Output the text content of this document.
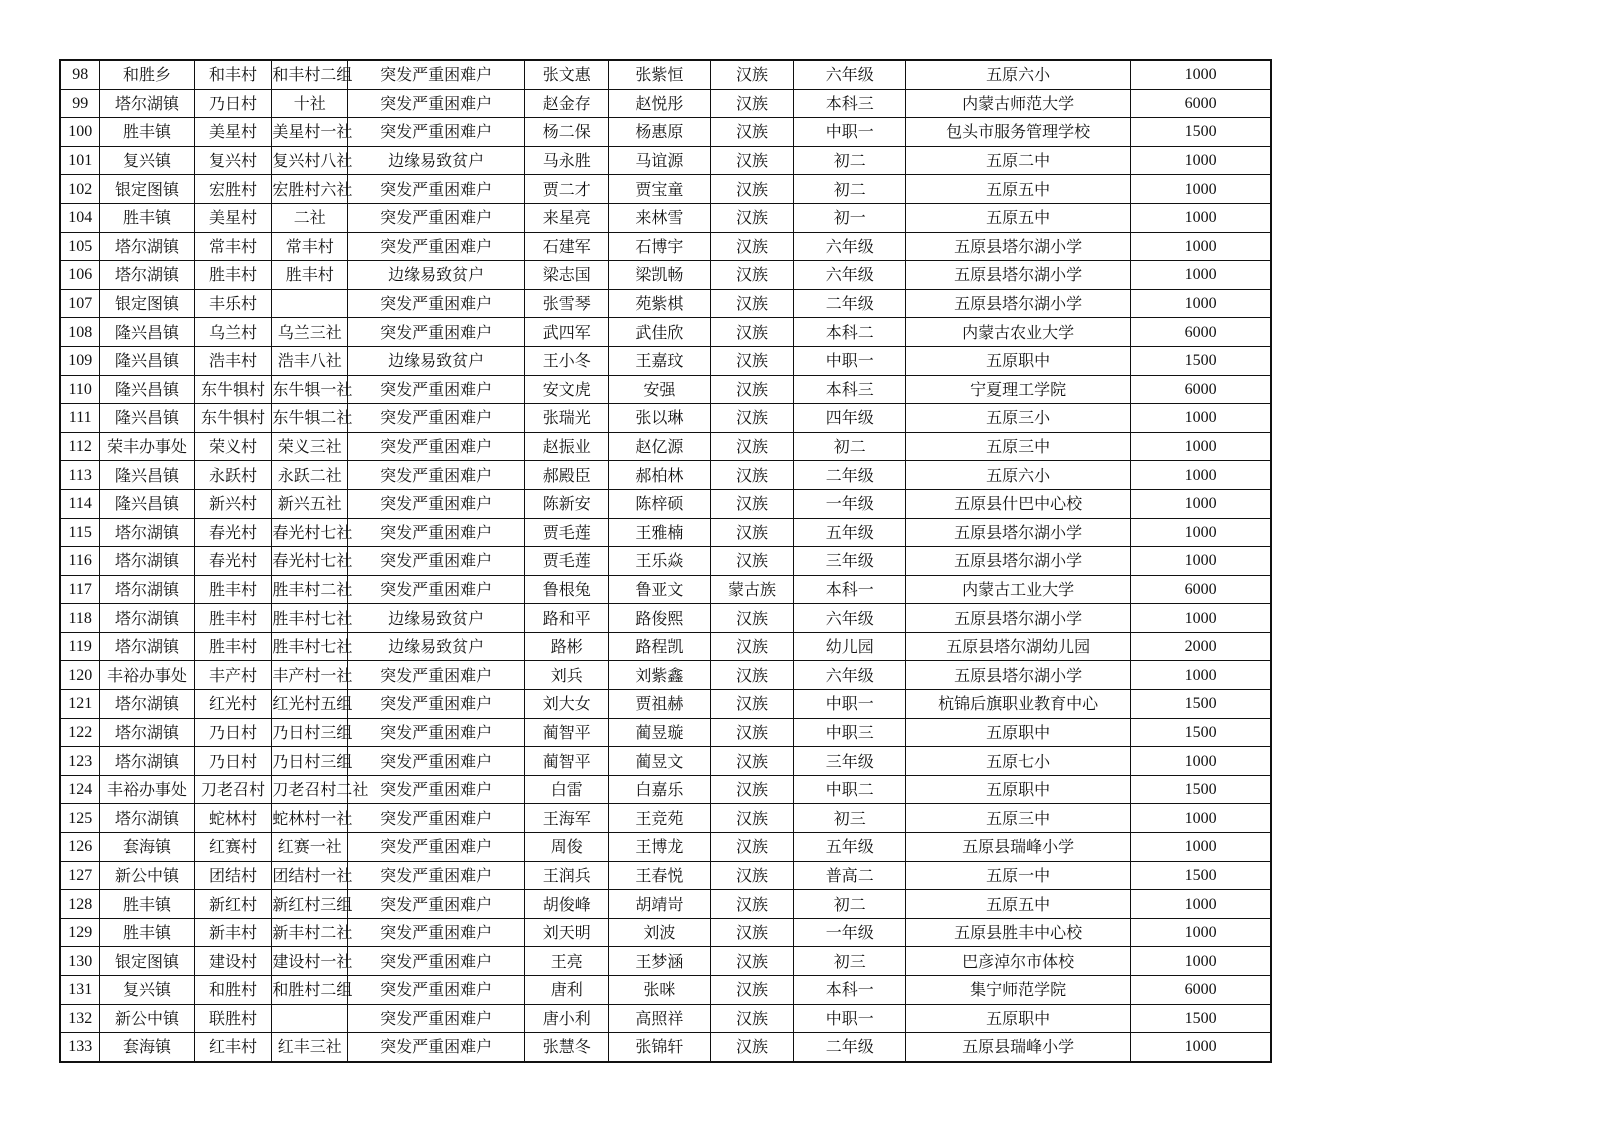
98	和胜乡	和丰村	和丰村二组	突发严重困难户	张文惠	张紫恒	汉族	六年级	五原六小	1000
99	塔尔湖镇	乃日村	十社	突发严重困难户	赵金存	赵悦彤	汉族	本科三	内蒙古师范大学	6000
100	胜丰镇	美星村	美星村一社	突发严重困难户	杨二保	杨惠原	汉族	中职一	包头市服务管理学校	1500
101	复兴镇	复兴村	复兴村八社	边缘易致贫户	马永胜	马谊源	汉族	初二	五原二中	1000
102	银定图镇	宏胜村	宏胜村六社	突发严重困难户	贾二才	贾宝童	汉族	初二	五原五中	1000
104	胜丰镇	美星村	二社	突发严重困难户	来星亮	来林雪	汉族	初一	五原五中	1000
105	塔尔湖镇	常丰村	常丰村	突发严重困难户	石建军	石博宇	汉族	六年级	五原县塔尔湖小学	1000
106	塔尔湖镇	胜丰村	胜丰村	边缘易致贫户	梁志国	梁凯畅	汉族	六年级	五原县塔尔湖小学	1000
107	银定图镇	丰乐村		突发严重困难户	张雪琴	苑紫棋	汉族	二年级	五原县塔尔湖小学	1000
108	隆兴昌镇	乌兰村	乌兰三社	突发严重困难户	武四军	武佳欣	汉族	本科二	内蒙古农业大学	6000
109	隆兴昌镇	浩丰村	浩丰八社	边缘易致贫户	王小冬	王嘉玟	汉族	中职一	五原职中	1500
110	隆兴昌镇	东牛犋村	东牛犋一社	突发严重困难户	安文虎	安强	汉族	本科三	宁夏理工学院	6000
111	隆兴昌镇	东牛犋村	东牛犋二社	突发严重困难户	张瑞光	张以琳	汉族	四年级	五原三小	1000
112	荣丰办事处	荣义村	荣义三社	突发严重困难户	赵振业	赵亿源	汉族	初二	五原三中	1000
113	隆兴昌镇	永跃村	永跃二社	突发严重困难户	郝殿臣	郝柏林	汉族	二年级	五原六小	1000
114	隆兴昌镇	新兴村	新兴五社	突发严重困难户	陈新安	陈梓硕	汉族	一年级	五原县什巴中心校	1000
115	塔尔湖镇	春光村	春光村七社	突发严重困难户	贾毛莲	王雅楠	汉族	五年级	五原县塔尔湖小学	1000
116	塔尔湖镇	春光村	春光村七社	突发严重困难户	贾毛莲	王乐焱	汉族	三年级	五原县塔尔湖小学	1000
117	塔尔湖镇	胜丰村	胜丰村二社	突发严重困难户	鲁根兔	鲁亚文	蒙古族	本科一	内蒙古工业大学	6000
118	塔尔湖镇	胜丰村	胜丰村七社	边缘易致贫户	路和平	路俊熙	汉族	六年级	五原县塔尔湖小学	1000
119	塔尔湖镇	胜丰村	胜丰村七社	边缘易致贫户	路彬	路程凯	汉族	幼儿园	五原县塔尔湖幼儿园	2000
120	丰裕办事处	丰产村	丰产村一社	突发严重困难户	刘兵	刘紫鑫	汉族	六年级	五原县塔尔湖小学	1000
121	塔尔湖镇	红光村	红光村五组	突发严重困难户	刘大女	贾祖赫	汉族	中职一	杭锦后旗职业教育中心	1500
122	塔尔湖镇	乃日村	乃日村三组	突发严重困难户	蔺智平	蔺昱璇	汉族	中职三	五原职中	1500
123	塔尔湖镇	乃日村	乃日村三组	突发严重困难户	蔺智平	蔺昱文	汉族	三年级	五原七小	1000
124	丰裕办事处	刀老召村	刀老召村二社	突发严重困难户	白雷	白嘉乐	汉族	中职二	五原职中	1500
125	塔尔湖镇	蛇林村	蛇林村一社	突发严重困难户	王海军	王竞苑	汉族	初三	五原三中	1000
126	套海镇	红赛村	红赛一社	突发严重困难户	周俊	王博龙	汉族	五年级	五原县瑞峰小学	1000
127	新公中镇	团结村	团结村一社	突发严重困难户	王润兵	王春悦	汉族	普高二	五原一中	1500
128	胜丰镇	新红村	新红村三组	突发严重困难户	胡俊峰	胡靖岢	汉族	初二	五原五中	1000
129	胜丰镇	新丰村	新丰村二社	突发严重困难户	刘天明	刘波	汉族	一年级	五原县胜丰中心校	1000
130	银定图镇	建设村	建设村一社	突发严重困难户	王亮	王梦涵	汉族	初三	巴彦淖尔市体校	1000
131	复兴镇	和胜村	和胜村二组	突发严重困难户	唐利	张咪	汉族	本科一	集宁师范学院	6000
132	新公中镇	联胜村		突发严重困难户	唐小利	高照祥	汉族	中职一	五原职中	1500
133	套海镇	红丰村	红丰三社	突发严重困难户	张慧冬	张锦轩	汉族	二年级	五原县瑞峰小学	1000
